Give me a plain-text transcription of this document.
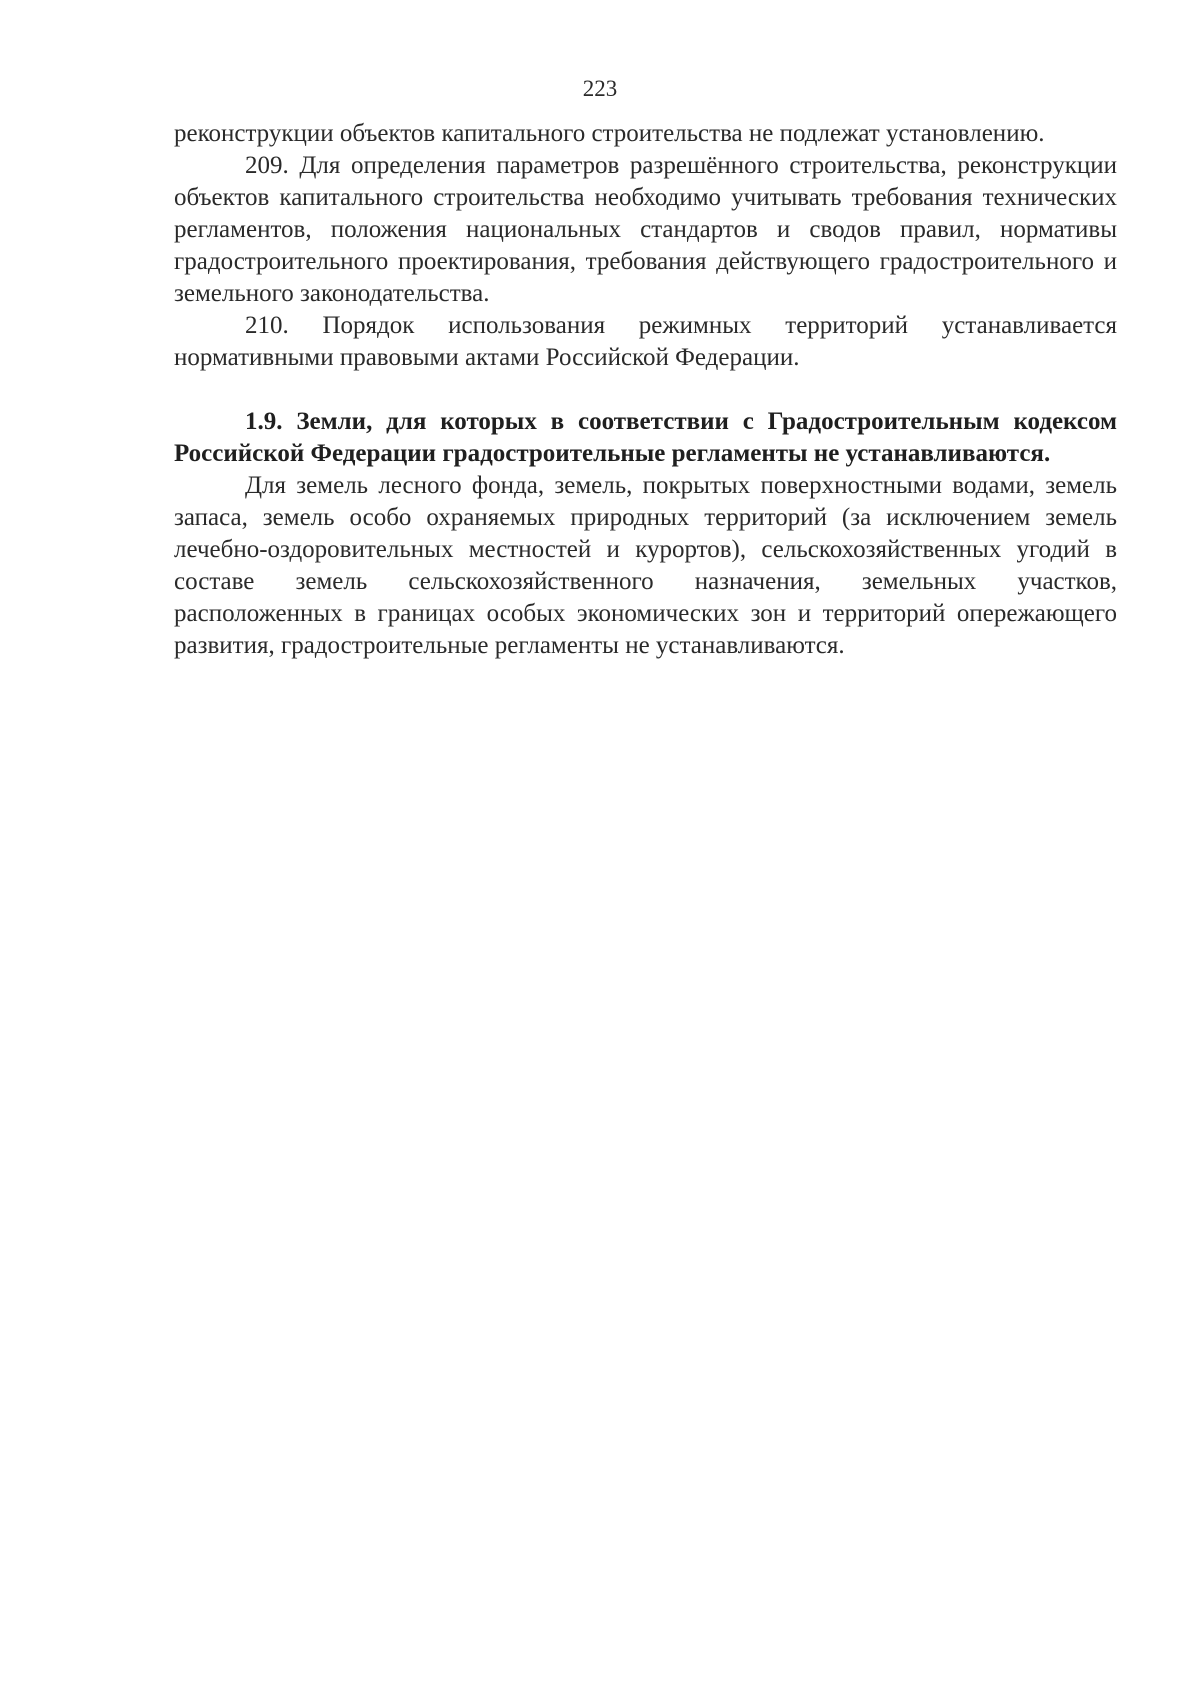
223

реконструкции объектов капитального строительства не подлежат установлению.

209. Для определения параметров разрешённого строительства, реконструкции объектов капитального строительства необходимо учитывать требования технических регламентов, положения национальных стандартов и сводов правил, нормативы градостроительного проектирования, требования действующего градостроительного и земельного законодательства.

210. Порядок использования режимных территорий устанавливается нормативными правовыми актами Российской Федерации.

1.9. Земли, для которых в соответствии с Градостроительным кодексом Российской Федерации градостроительные регламенты не устанавливаются.

Для земель лесного фонда, земель, покрытых поверхностными водами, земель запаса, земель особо охраняемых природных территорий (за исключением земель лечебно-оздоровительных местностей и курортов), сельскохозяйственных угодий в составе земель сельскохозяйственного назначения, земельных участков, расположенных в границах особых экономических зон и территорий опережающего развития, градостроительные регламенты не устанавливаются.
